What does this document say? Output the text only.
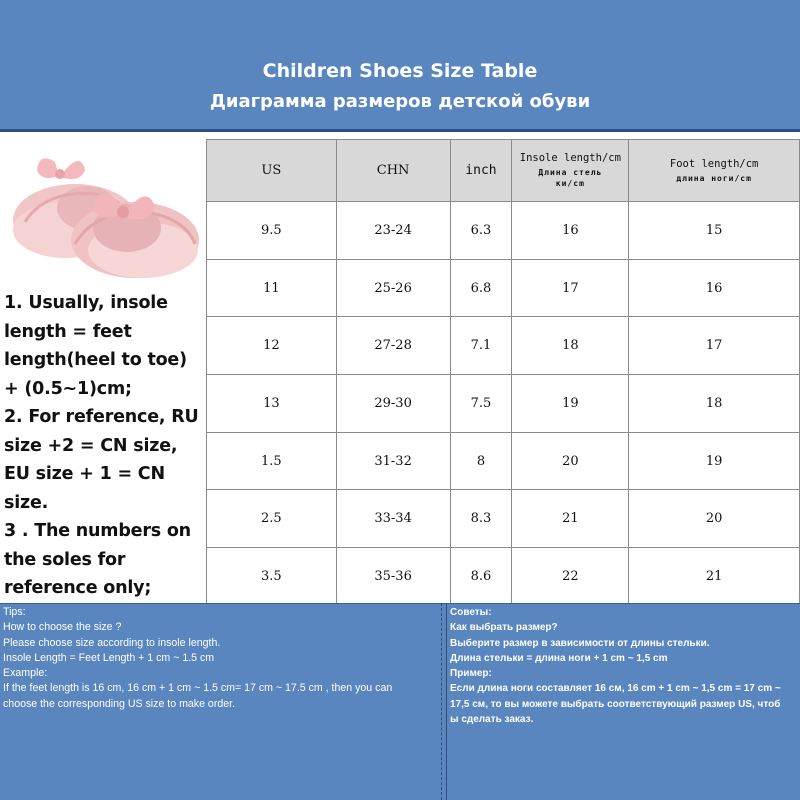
Children Shoes Size Table
Диаграмма размеров детской обуви
1. Usually, insole
length = feet
length(heel to toe)
+ (0.5~1)cm;
2. For reference, RU
size +2 = CN size,
EU size + 1 = CN
size.
3 . The numbers on
the soles for
reference only;
US	CHN	inch	Insole length/cm
Длина стель
ки/cm	Foot length/cm
длина ноги/cm

9.5	23-24	6.3	16	15
11	25-26	6.8	17	16
12	27-28	7.1	18	17
13	29-30	7.5	19	18
1.5	31-32	8	20	19
2.5	33-34	8.3	21	20
3.5	35-36	8.6	22	21
Tips:
How to choose the size ?
Please choose size according to insole length.
Insole Length = Feet Length + 1 cm ~ 1.5 cm
Example:
If the feet length is 16 cm, 16 cm + 1 cm ~ 1.5 cm= 17 cm ~ 17.5 cm , then you can
choose the corresponding US size to make order.
Советы:
Как выбрать размер?
Выберите размер в зависимости от длины стельки.
Длина стельки = длина ноги + 1 cm ~ 1,5 cm
Пример:
Если длина ноги составляет 16 см, 16 cm + 1 cm ~ 1,5 cm = 17 cm ~
17,5 см, то вы можете выбрать соответствующий размер US, чтоб
ы сделать заказ.
